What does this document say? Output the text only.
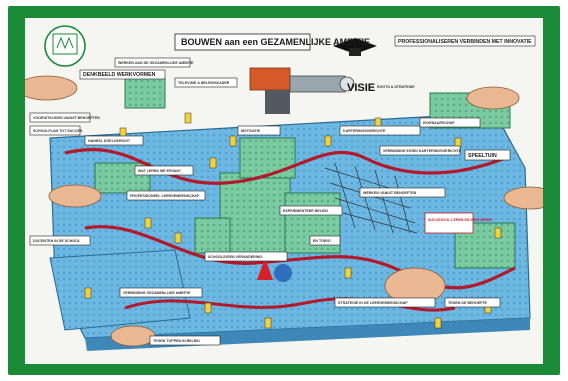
BOUWEN aan een GEZAMENLIJKE AMBITIE
VISIE ROOTS & STRATEGIE
PROFESSIONALISEREN VERBINDEN MET INNOVATIE
DENKBEELD WERKVORMEN
WERKEN AAN DE GEZAMENLIJKE AMBITIE
VOORUITKIJKEN VANUIT BEHOEFTEN
HANDEL DOELGERICHT
WAT LEREN WE ERVAN?
PROFESSIONEEL LEERGEMEENSCHAP
MOTIVATIE	KARTERINGSGERICHTE
WERKEN VANUIT BEHOEFTEN
EIGENAARSCHAP
SPEELTUIN
DOCENTEN IN DE SCHOOL
EXPERIMENTEER BELEID
EN TOEN?
SCHOOLEIGEN VERANDERING
VERBINDING GEZAMENLIJKE AMBITIE
STRATEGIE IN DE LEERGEMEENSCHAP	TEGEN DE BEHOEFTE
TEGEN TOPPEN IN BELEID
TELEVISIE & BELEIDSKADER
VERBINDING EIGEN KARTERINGSGERICHTE
SCHOOLPLAN TOT SUCCES
SUCCESVOL LEREN EN INNOVEREN
